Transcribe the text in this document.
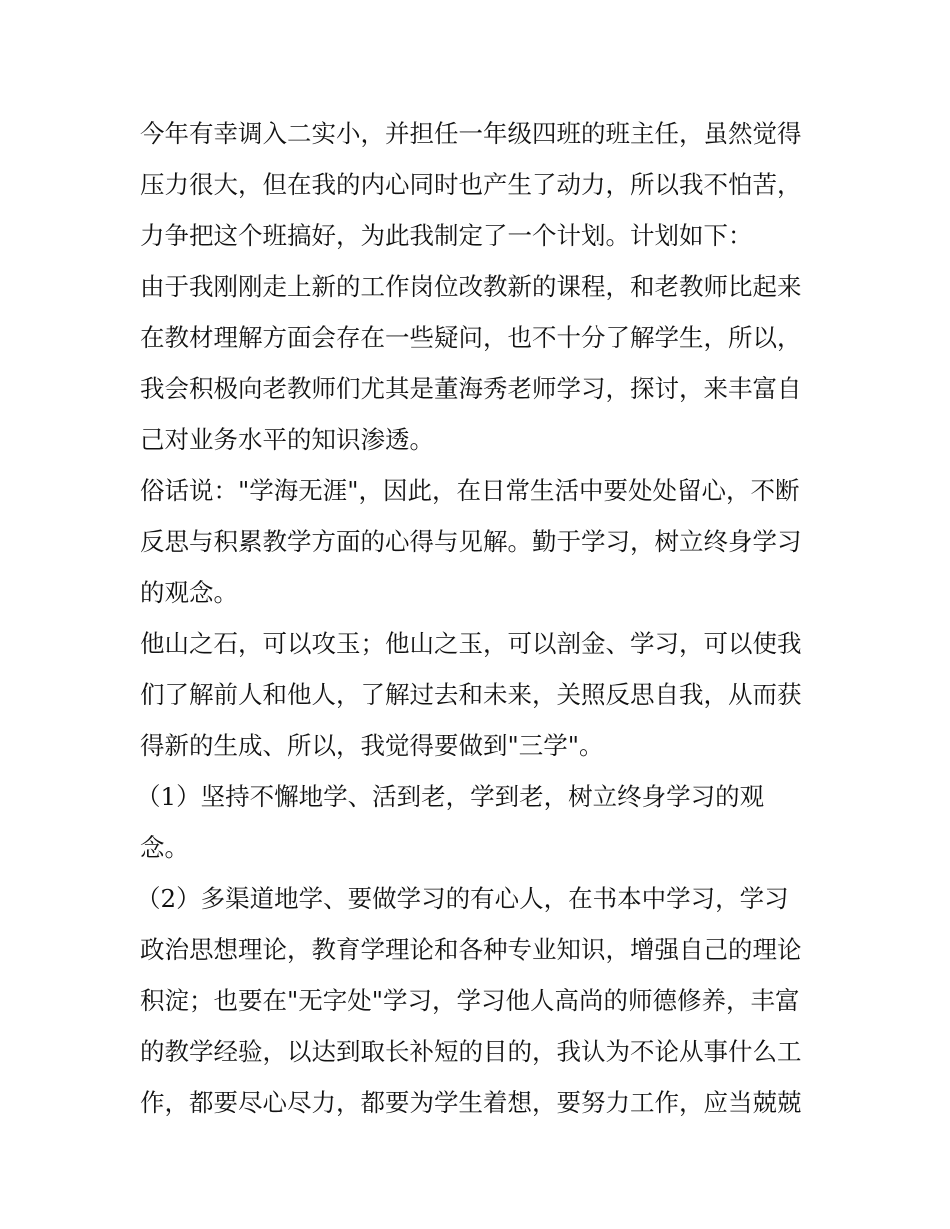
今年有幸调入二实小，并担任一年级四班的班主任，虽然觉得
压力很大，但在我的内心同时也产生了动力，所以我不怕苦，
力争把这个班搞好，为此我制定了一个计划。计划如下：

由于我刚刚走上新的工作岗位改教新的课程，和老教师比起来
在教材理解方面会存在一些疑问，也不十分了解学生，所以，
我会积极向老教师们尤其是董海秀老师学习，探讨，来丰富自
己对业务水平的知识渗透。

俗话说："学海无涯"，因此，在日常生活中要处处留心，不断
反思与积累教学方面的心得与见解。勤于学习，树立终身学习
的观念。

他山之石，可以攻玉；他山之玉，可以剖金、学习，可以使我
们了解前人和他人，了解过去和未来，关照反思自我，从而获
得新的生成、所以，我觉得要做到"三学"。

（1）坚持不懈地学、活到老，学到老，树立终身学习的观
念。

（2）多渠道地学、要做学习的有心人，在书本中学习，学习
政治思想理论，教育学理论和各种专业知识，增强自己的理论
积淀；也要在"无字处"学习，学习他人高尚的师德修养，丰富
的教学经验，以达到取长补短的目的，我认为不论从事什么工
作，都要尽心尽力，都要为学生着想，要努力工作，应当兢兢
